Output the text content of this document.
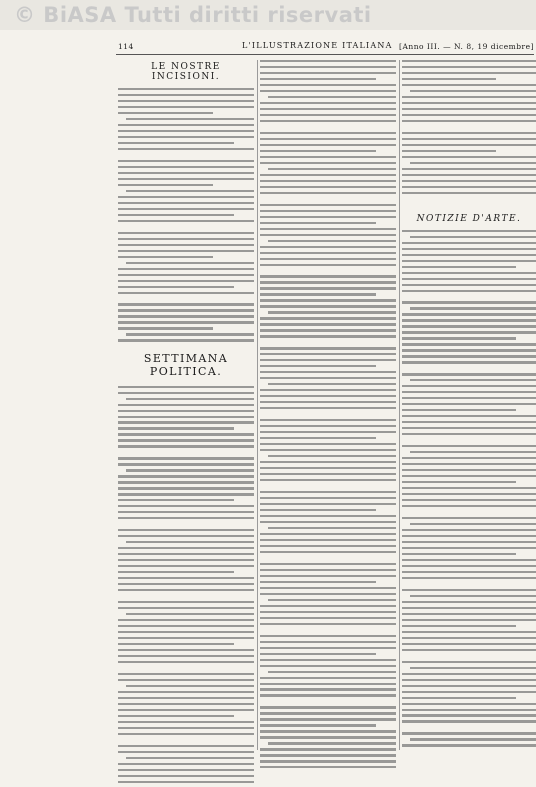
© BiASA Tutti diritti riservati
114	L'ILLUSTRAZIONE ITALIANA [Anno III. — N. 8, 19 dicembre]
LE NOSTRE INCISIONI.
SETTIMANA POLITICA.
NOTIZIE D'ARTE.
